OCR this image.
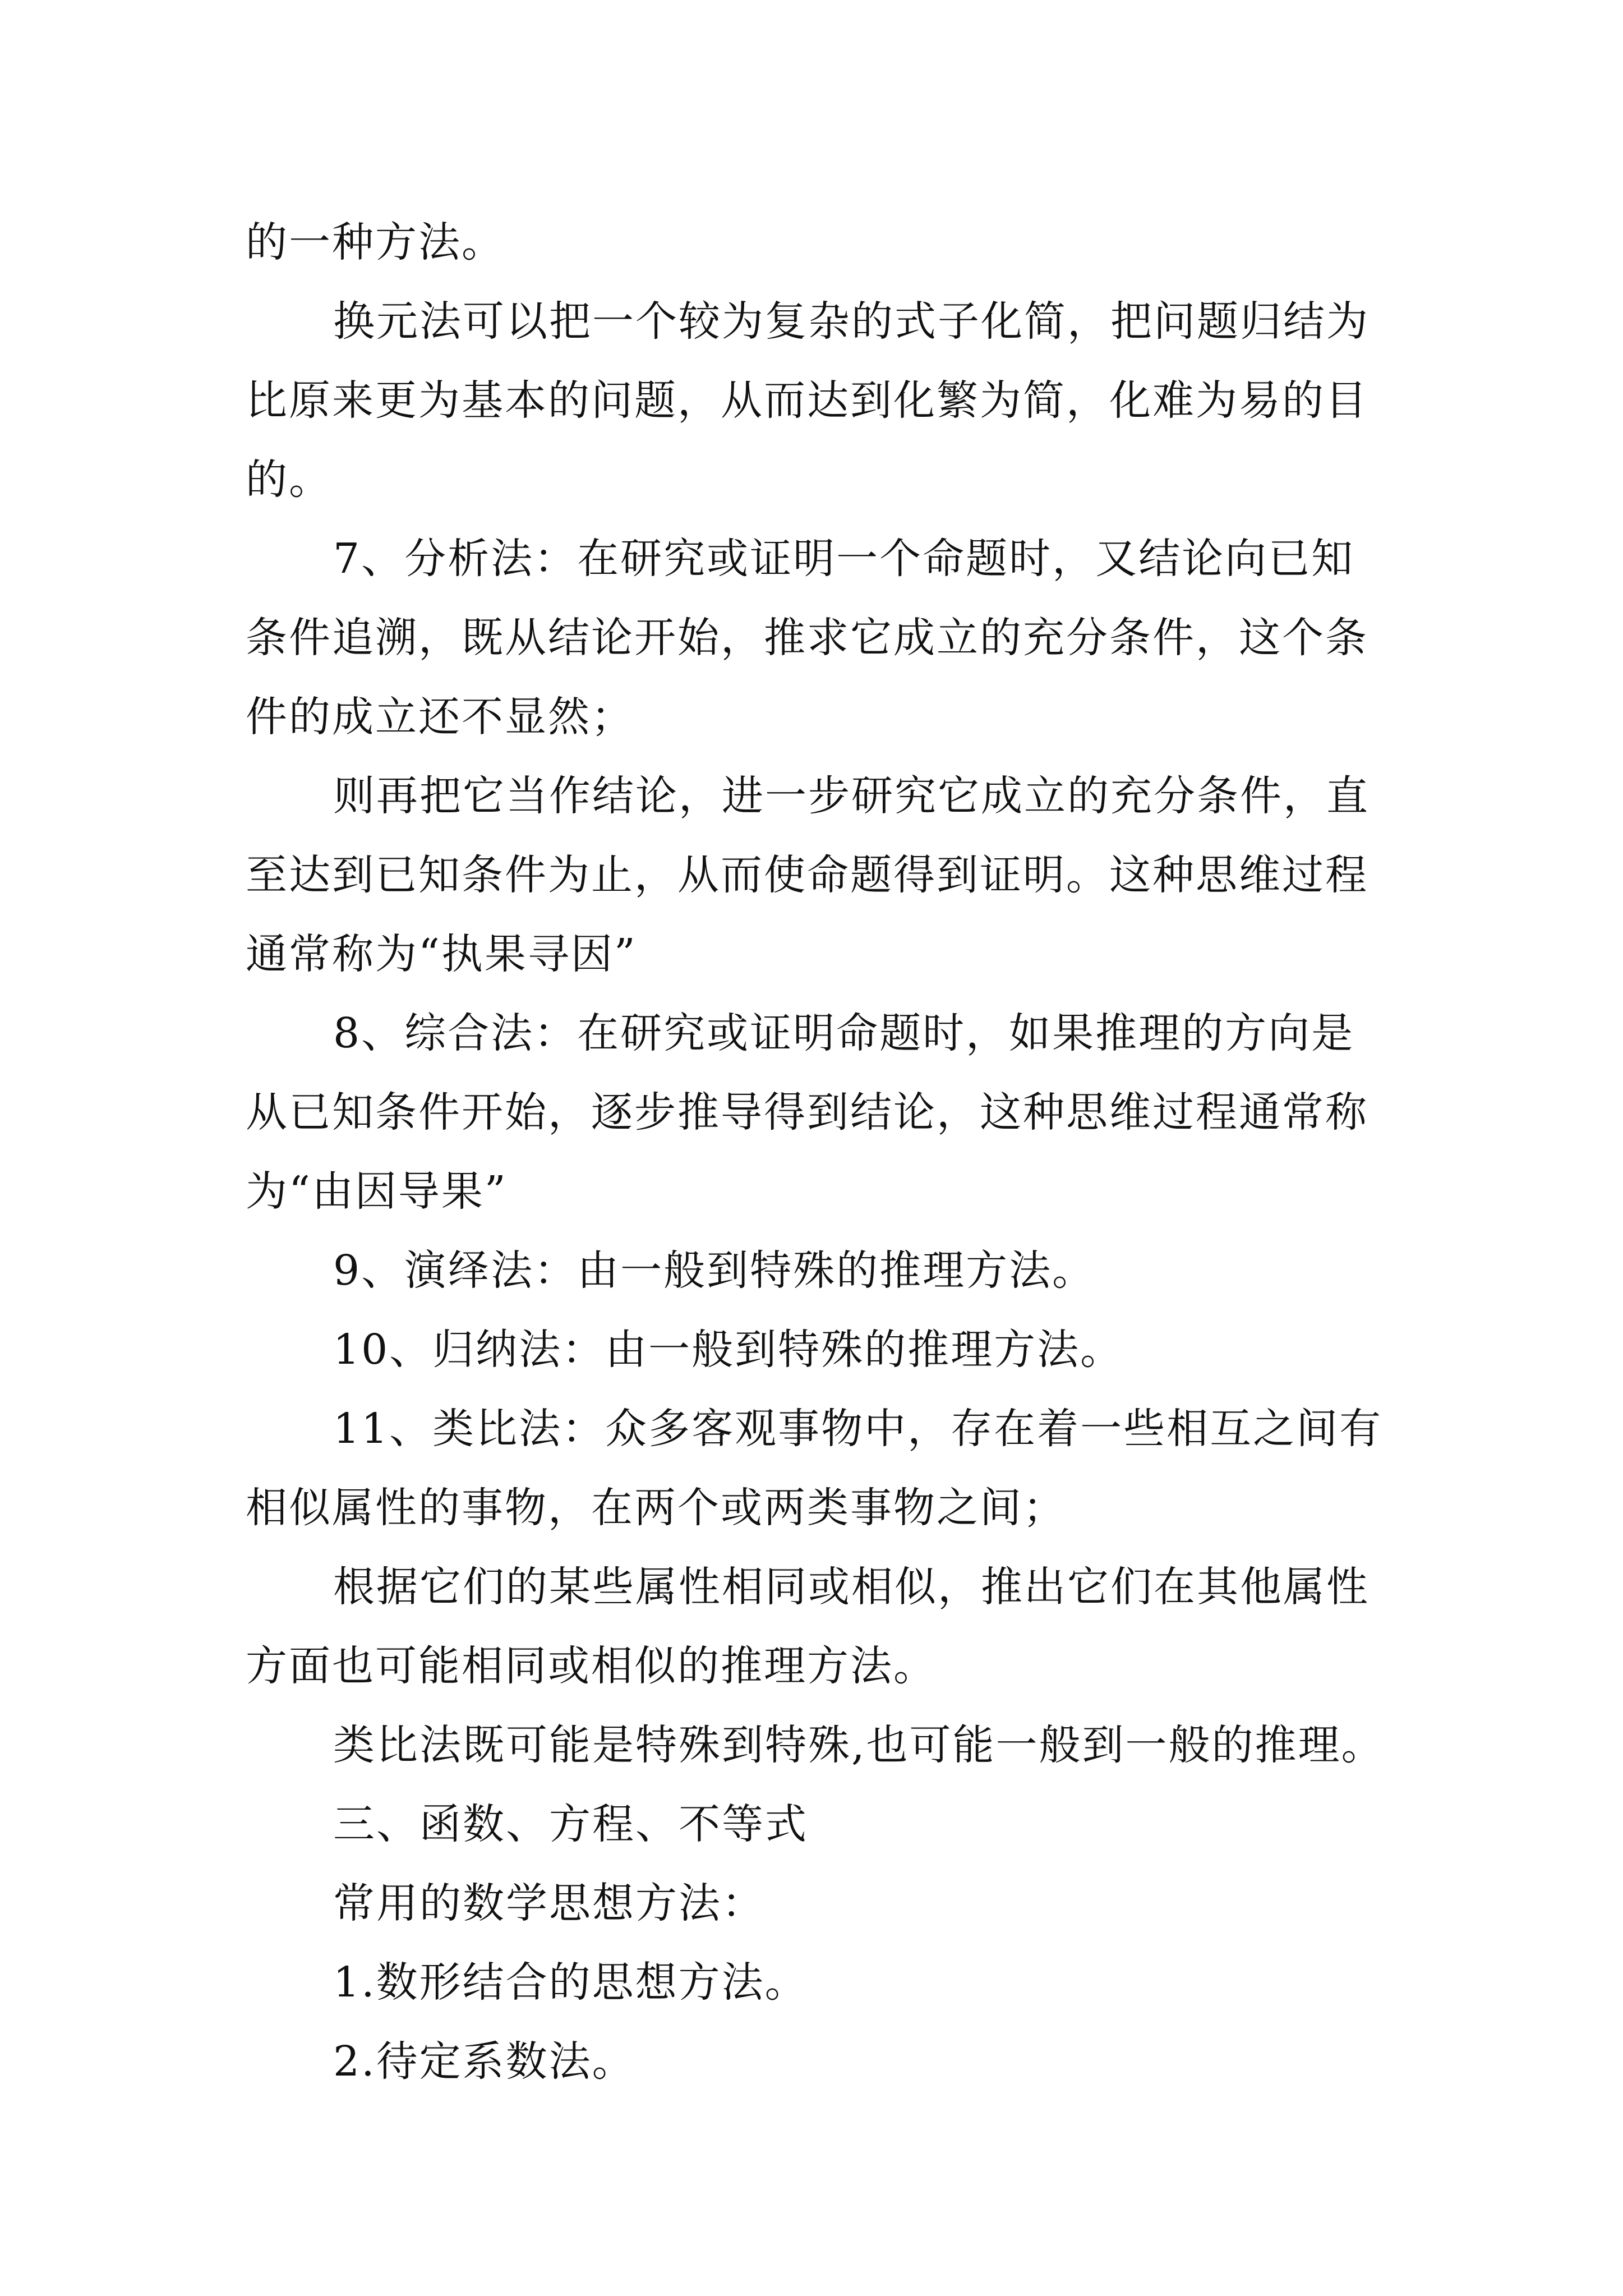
的一种方法。
换元法可以把一个较为复杂的式子化简，把问题归结为
比原来更为基本的问题，从而达到化繁为简，化难为易的目
的。
7、分析法：在研究或证明一个命题时，又结论向已知
条件追溯，既从结论开始，推求它成立的充分条件，这个条
件的成立还不显然；
则再把它当作结论，进一步研究它成立的充分条件，直
至达到已知条件为止，从而使命题得到证明。这种思维过程
通常称为“执果寻因”
8、综合法：在研究或证明命题时，如果推理的方向是
从已知条件开始，逐步推导得到结论，这种思维过程通常称
为“由因导果”
9、演绎法：由一般到特殊的推理方法。
10、归纳法：由一般到特殊的推理方法。
11、类比法：众多客观事物中，存在着一些相互之间有
相似属性的事物，在两个或两类事物之间；
根据它们的某些属性相同或相似，推出它们在其他属性
方面也可能相同或相似的推理方法。
类比法既可能是特殊到特殊,也可能一般到一般的推理。
三、函数、方程、不等式
常用的数学思想方法：
1.数形结合的思想方法。
2.待定系数法。
